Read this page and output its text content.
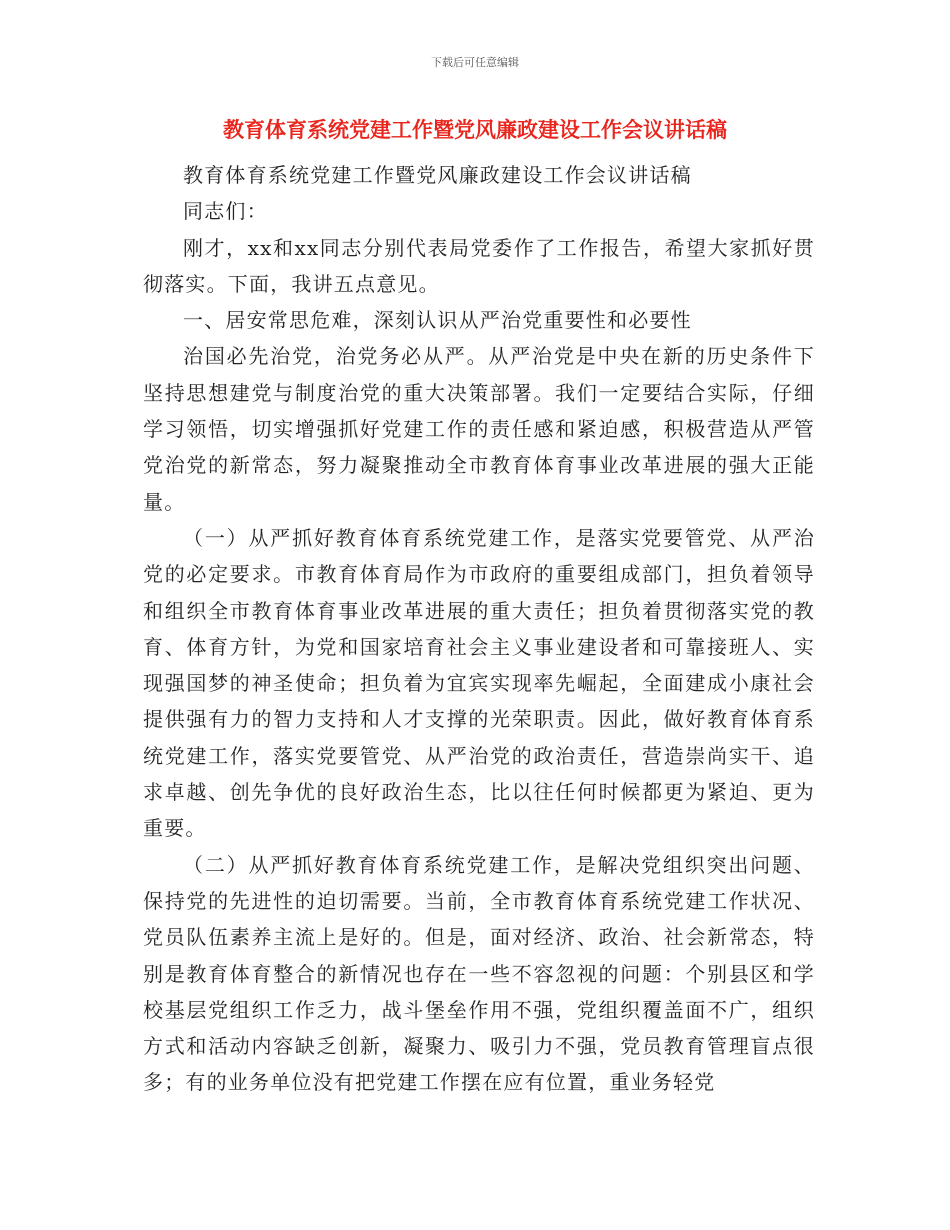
下载后可任意编辑
教育体育系统党建工作暨党风廉政建设工作会议讲话稿

教育体育系统党建工作暨党风廉政建设工作会议讲话稿

同志们：

刚才，xx和xx同志分别代表局党委作了工作报告，希望大家抓好贯彻落实。下面，我讲五点意见。

一、居安常思危难，深刻认识从严治党重要性和必要性

治国必先治党，治党务必从严。从严治党是中央在新的历史条件下坚持思想建党与制度治党的重大决策部署。我们一定要结合实际，仔细学习领悟，切实增强抓好党建工作的责任感和紧迫感，积极营造从严管党治党的新常态，努力凝聚推动全市教育体育事业改革进展的强大正能量。

（一）从严抓好教育体育系统党建工作，是落实党要管党、从严治党的必定要求。市教育体育局作为市政府的重要组成部门，担负着领导和组织全市教育体育事业改革进展的重大责任；担负着贯彻落实党的教育、体育方针，为党和国家培育社会主义事业建设者和可靠接班人、实现强国梦的神圣使命；担负着为宜宾实现率先崛起，全面建成小康社会提供强有力的智力支持和人才支撑的光荣职责。因此，做好教育体育系统党建工作，落实党要管党、从严治党的政治责任，营造崇尚实干、追求卓越、创先争优的良好政治生态，比以往任何时候都更为紧迫、更为重要。

（二）从严抓好教育体育系统党建工作，是解决党组织突出问题、保持党的先进性的迫切需要。当前，全市教育体育系统党建工作状况、党员队伍素养主流上是好的。但是，面对经济、政治、社会新常态，特别是教育体育整合的新情况也存在一些不容忽视的问题：个别县区和学校基层党组织工作乏力，战斗堡垒作用不强，党组织覆盖面不广，组织方式和活动内容缺乏创新，凝聚力、吸引力不强，党员教育管理盲点很多；有的业务单位没有把党建工作摆在应有位置，重业务轻党
